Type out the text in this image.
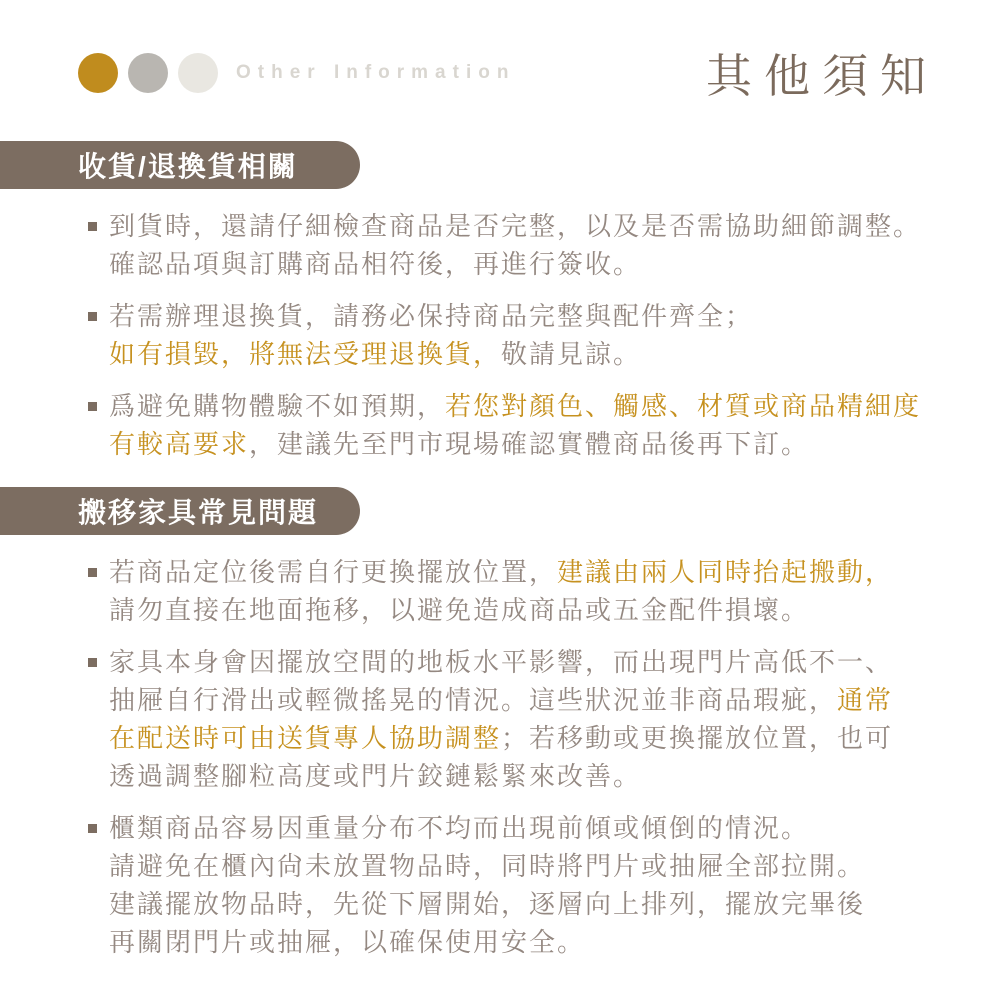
Other Information	其他須知
收貨/退換貨相關
到貨時，還請仔細檢查商品是否完整，以及是否需協助細節調整。
確認品項與訂購商品相符後，再進行簽收。
若需辦理退換貨，請務必保持商品完整與配件齊全；
如有損毀，將無法受理退換貨，敬請見諒。
爲避免購物體驗不如預期，若您對顏色、觸感、材質或商品精細度
有較高要求，建議先至門市現場確認實體商品後再下訂。
搬移家具常見問題
若商品定位後需自行更換擺放位置，建議由兩人同時抬起搬動，
請勿直接在地面拖移，以避免造成商品或五金配件損壞。
家具本身會因擺放空間的地板水平影響，而出現門片高低不一、
抽屜自行滑出或輕微搖晃的情況。這些狀況並非商品瑕疵，通常
在配送時可由送貨專人協助調整；若移動或更換擺放位置，也可
透過調整腳粒高度或門片鉸鏈鬆緊來改善。
櫃類商品容易因重量分布不均而出現前傾或傾倒的情況。
請避免在櫃內尙未放置物品時，同時將門片或抽屜全部拉開。
建議擺放物品時，先從下層開始，逐層向上排列，擺放完畢後
再關閉門片或抽屜，以確保使用安全。
